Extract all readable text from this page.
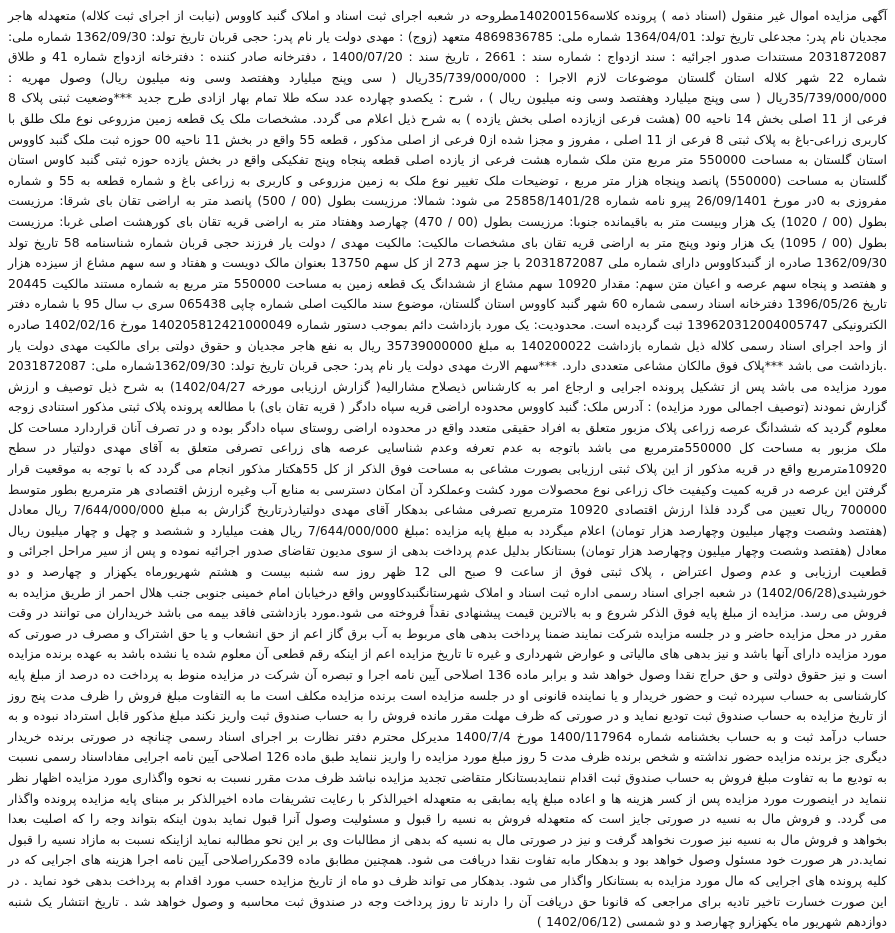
آگهی مزایده اموال غیر منقول (اسناد ذمه ) پرونده کلاسه140200156مطروحه در شعبه اجرای ثبت اسناد و املاک گنبد کاووس (نیابت از اجرای ثبت کلاله) متعهدله هاجر مجدیان نام پدر: مجدعلی تاریخ تولد: 1364/04/01 شماره ملی: 4869836785 متعهد (زوج) : مهدی دولت یار نام پدر: حجی قربان تاریخ تولد: 1362/09/30 شماره ملی: 2031872087 مستندات صدور اجرائیه : سند ازدواج : شماره سند : 2661 ، تاریخ سند : 1400/07/20 ، دفترخانه صادر کننده : دفترخانه ازدواج شماره 41 و طلاق شماره 22 شهر کلاله استان گلستان موضوعات لازم الاجرا : 35/739/000/000ریال ( سی وپنج میلیارد وهفتصد وسی ونه میلیون ریال) وصول مهریه : 35/739/000/000ریال ( سی وپنج میلیارد وهفتصد وسی ونه میلیون ریال ) ، شرح : یکصدو چهارده عدد سکه طلا تمام بهار ازادی طرح جدید ***وضعیت ثبتی پلاک 8 فرعی از 11 اصلی بخش 14 ناحیه 00 (هشت فرعی ازیازده اصلی بخش یازده ) به شرح ذیل اعلام می گردد. مشخصات ملک یک قطعه زمین مزروعی نوع ملک طلق با کاربری زراعی-باغ به پلاک ثبتی 8 فرعی از 11 اصلی ، مفروز و مجزا شده از0 فرعی از اصلی مذکور ، قطعه 55 واقع در بخش 11 ناحیه 00 حوزه ثبت ملک گنبد کاووس استان گلستان به مساحت 550000 متر مربع متن ملک شماره هشت فرعی از یازده اصلی قطعه پنجاه وپنج تفکیکی واقع در بخش یازده حوزه ثبتی گنبد کاوس استان گلستان به مساحت (550000) پانصد وپنجاه هزار متر مربع ، توضیحات ملک تغییر نوع ملک به زمین مزروعی و کاربری به زراعی باغ و شماره قطعه به 55 و شماره مفروزی به 0در مورخ 26/09/1401 پیرو نامه شماره 25858/1401/28 می شود: شمالا: مرزیست بطول (00 / 500) پانصد متر به اراضی تقان بای شرقا: مرزیست بطول (00 / 1020) یک هزار وبیست متر به باقیمانده جنوبا: مرزیست بطول (00 / 470) چهارصد وهفتاد متر به اراضی قریه تقان بای کورهشت اصلی غربا: مرزیست بطول (00 / 1095) یک هزار ونود وپنج متر به اراضی قریه تقان بای مشخصات مالکیت: مالکیت مهدی / دولت یار فرزند حجی قربان شماره شناسنامه 58 تاریخ تولد 1362/09/30 صادره از گنبدکاووس دارای شماره ملی 2031872087 با جز سهم 273 از کل سهم 13750 بعنوان مالک دویست و هفتاد و سه سهم مشاع از سیزده هزار و هفتصد و پنجاه سهم عرصه و اعیان متن سهم: مقدار 10920 سهم مشاع از ششدانگ یک قطعه زمین به مساحت 550000 متر مربع به شماره مستند مالکیت 20445 تاریخ 1396/05/26 دفترخانه اسناد رسمی شماره 60 شهر گنبد کاووس استان گلستان، موضوع سند مالکیت اصلی شماره چاپی 065438 سری ب سال 95 با شماره دفتر الکترونیکی 139620312004005747 ثبت گردیده است. محدودیت: یک مورد بازداشت دائم بموجب دستور شماره 140205812421000049 مورخ 1402/02/16 صادره از واحد اجرای اسناد رسمی کلاله ذیل شماره بازداشت 140200022 به مبلغ 35739000000 ریال به نفع هاجر مجدیان و حقوق دولتی برای مالکیت مهدی دولت یار .بازداشت می باشد ***پلاک فوق مالکان مشاعی متعددی دارد. ***سهم الارث مهدی دولت یار نام پدر: حجی قربان تاریخ تولد: 1362/09/30شماره ملی: 2031872087 مورد مزایده می باشد پس از تشکیل پرونده اجرایی و ارجاع امر به کارشناس ذیصلاح مشارالیه( گزارش ارزیابی مورخه 1402/04/27) به شرح ذیل توصیف و ارزش گزارش نمودند (توصیف اجمالی مورد مزایده) : آدرس ملک: گنبد کاووس محدوده اراضی قریه سپاه دادگر ( قریه تقان بای) با مطالعه پرونده پلاک ثبتی مذکور استنادی زوجه معلوم گردید که ششدانگ عرصه زراعی پلاک مزبور متعلق به افراد حقیقی متعدد واقع در محدوده اراضی روستای سپاه دادگر بوده و در تصرف آنان قراردارد مساحت کل ملک مزبور به مساحت کل 550000مترمربع می باشد باتوجه به عدم تعرفه وعدم شناسایی عرصه های زراعی تصرفی متعلق به آقای مهدی دولتیار در سطح 10920مترمربع واقع در قریه مذکور از این پلاک ثبتی ارزیابی بصورت مشاعی به مساحت فوق الذکر از کل 55هکتار مذکور انجام می گردد که با توجه به موقعیت قرار گرفتن این عرصه در قریه کمیت وکیفیت خاک زراعی نوع محصولات مورد کشت وعملکرد آن امکان دسترسی به منابع آب وغیره ارزش اقتصادی هر مترمربع بطور متوسط 700000 ریال تعیین می گردد فلذا ارزش اقتصادی 10920 مترمربع تصرفی مشاعی بدهکار آقای مهدی دولتیارذرتاریخ گزارش به مبلغ 7/644/000/000 ریال معادل (هفتصد وشصت وچهار میلیون وچهارصد هزار تومان) اعلام میگردد به مبلغ پایه مزایده :مبلغ 7/644/000/000 ریال هفت میلیارد و ششصد و چهل و چهار میلیون ریال معادل (هفتصد وشصت وچهار میلیون وچهارصد هزار تومان) بستانکار بدلیل عدم پرداخت بدهی از سوی مدیون تقاضای صدور اجرائیه نموده و پس از سیر مراحل اجرائی و قطعیت ارزیابی و عدم وصول اعتراض ، پلاک ثبتی فوق از ساعت 9 صبح الی 12 ظهر روز سه شنبه بیست و هشتم شهریورماه یکهزار و چهارصد و دو خورشیدی(1402/06/28) در شعبه اجرای اسناد رسمی اداره ثبت اسناد و املاک شهرستانگنبدکاووس واقع درخیابان امام خمینی جنوبی جنب هلال احمر از طریق مزایده به فروش می رسد. مزایده از مبلغ پایه فوق الذکر شروع و به بالاترین قیمت پیشنهادی نقداً فروخته می شود.مورد بازداشتی فاقد بیمه می باشد خریداران می توانند در وقت مقرر در محل مزایده حاضر و در جلسه مزایده شرکت نمایند ضمنا پرداخت بدهی های مربوط به آب برق گاز اعم از حق انشعاب و یا حق اشتراک و مصرف در صورتی که مورد مزایده دارای آنها باشد و نیز بدهی های مالیاتی و عوارض شهرداری و غیره تا تاریخ مزایده اعم از اینکه رقم قطعی آن معلوم شده یا نشده باشد به عهده برنده مزایده است و نیز حقوق دولتی و حق حراج نقدا وصول خواهد شد و برابر ماده 136 اصلاحی آیین نامه اجرا و تبصره آن شرکت در مزایده منوط به پرداخت ده درصد از مبلغ پایه کارشناسی به حساب سپرده ثبت و حضور خریدار و یا نماینده قانونی او در جلسه مزایده است برنده مزایده مکلف است ما به التفاوت مبلغ فروش را ظرف مدت پنج روز از تاریخ مزایده به حساب صندوق ثبت تودیع نماید و در صورتی که ظرف مهلت مقرر مانده فروش را به حساب صندوق ثبت واریز نکند مبلغ مذکور قابل استرداد نبوده و به حساب درآمد ثبت و به حساب بخشنامه شماره 1400/117964 مورخ 1400/7/4 مدیرکل محترم دفتر نظارت بر اجرای اسناد رسمی چنانچه در صورتی برنده خریدار دیگری جز برنده مزایده حضور نداشته و شخص برنده ظرف مدت 5 روز مبلغ مورد مزایده را واریز ننماید طبق ماده 126 اصلاحی آیین نامه اجرایی مفاداسناد رسمی نسبت به تودیع ما به تفاوت مبلغ فروش به حساب صندوق ثبت اقدام ننمایدبستانکار متقاضی تجدید مزایده نباشد ظرف مدت مقرر نسبت به نحوه واگذاری مورد مزایده اظهار نظر ننماید در اینصورت مورد مزایده پس از کسر هزینه ها و اعاده مبلغ پایه بمابقی به متعهدله اخیرالذکر با رعایت تشریفات ماده اخیرالذکر بر مبنای پایه مزایده پرونده واگذار می گردد. و فروش مال به نسیه در صورتی جایز است که متعهدله فروش به نسیه را قبول و مسئولیت وصول آنرا قبول نماید بدون اینکه بتواند وجه را که اصلیت بعدا بخواهد و فروش مال به نسیه نیز صورت نخواهد گرفت و نیز در صورتی مال به نسیه که بدهی از مطالبات وی بر این نحو مطالبه نماید ازاینکه نسبت به مازاد نسیه را قبول نماید.در هر صورت خود مسئول وصول خواهد بود و بدهکار مابه تفاوت نقدا دریافت می شود. همچنین مطابق ماده 39مکرراصلاحی آیین نامه اجرا هزینه های اجرایی که در کلیه پرونده های اجرایی که مال مورد مزایده به بستانکار واگذار می شود. بدهکار می تواند ظرف دو ماه از تاریخ مزایده حسب مورد اقدام به پرداخت بدهی خود نماید . در این صورت خسارت تاخیر تادیه برای مراجعی که قانونا حق دریافت آن را دارند تا روز پرداخت وجه در صندوق ثبت محاسبه و وصول خواهد شد . تاریخ انتشار یک شنبه دوازدهم شهریور ماه یکهزارو چهارصد و دو شمسی (1402/06/12 )
